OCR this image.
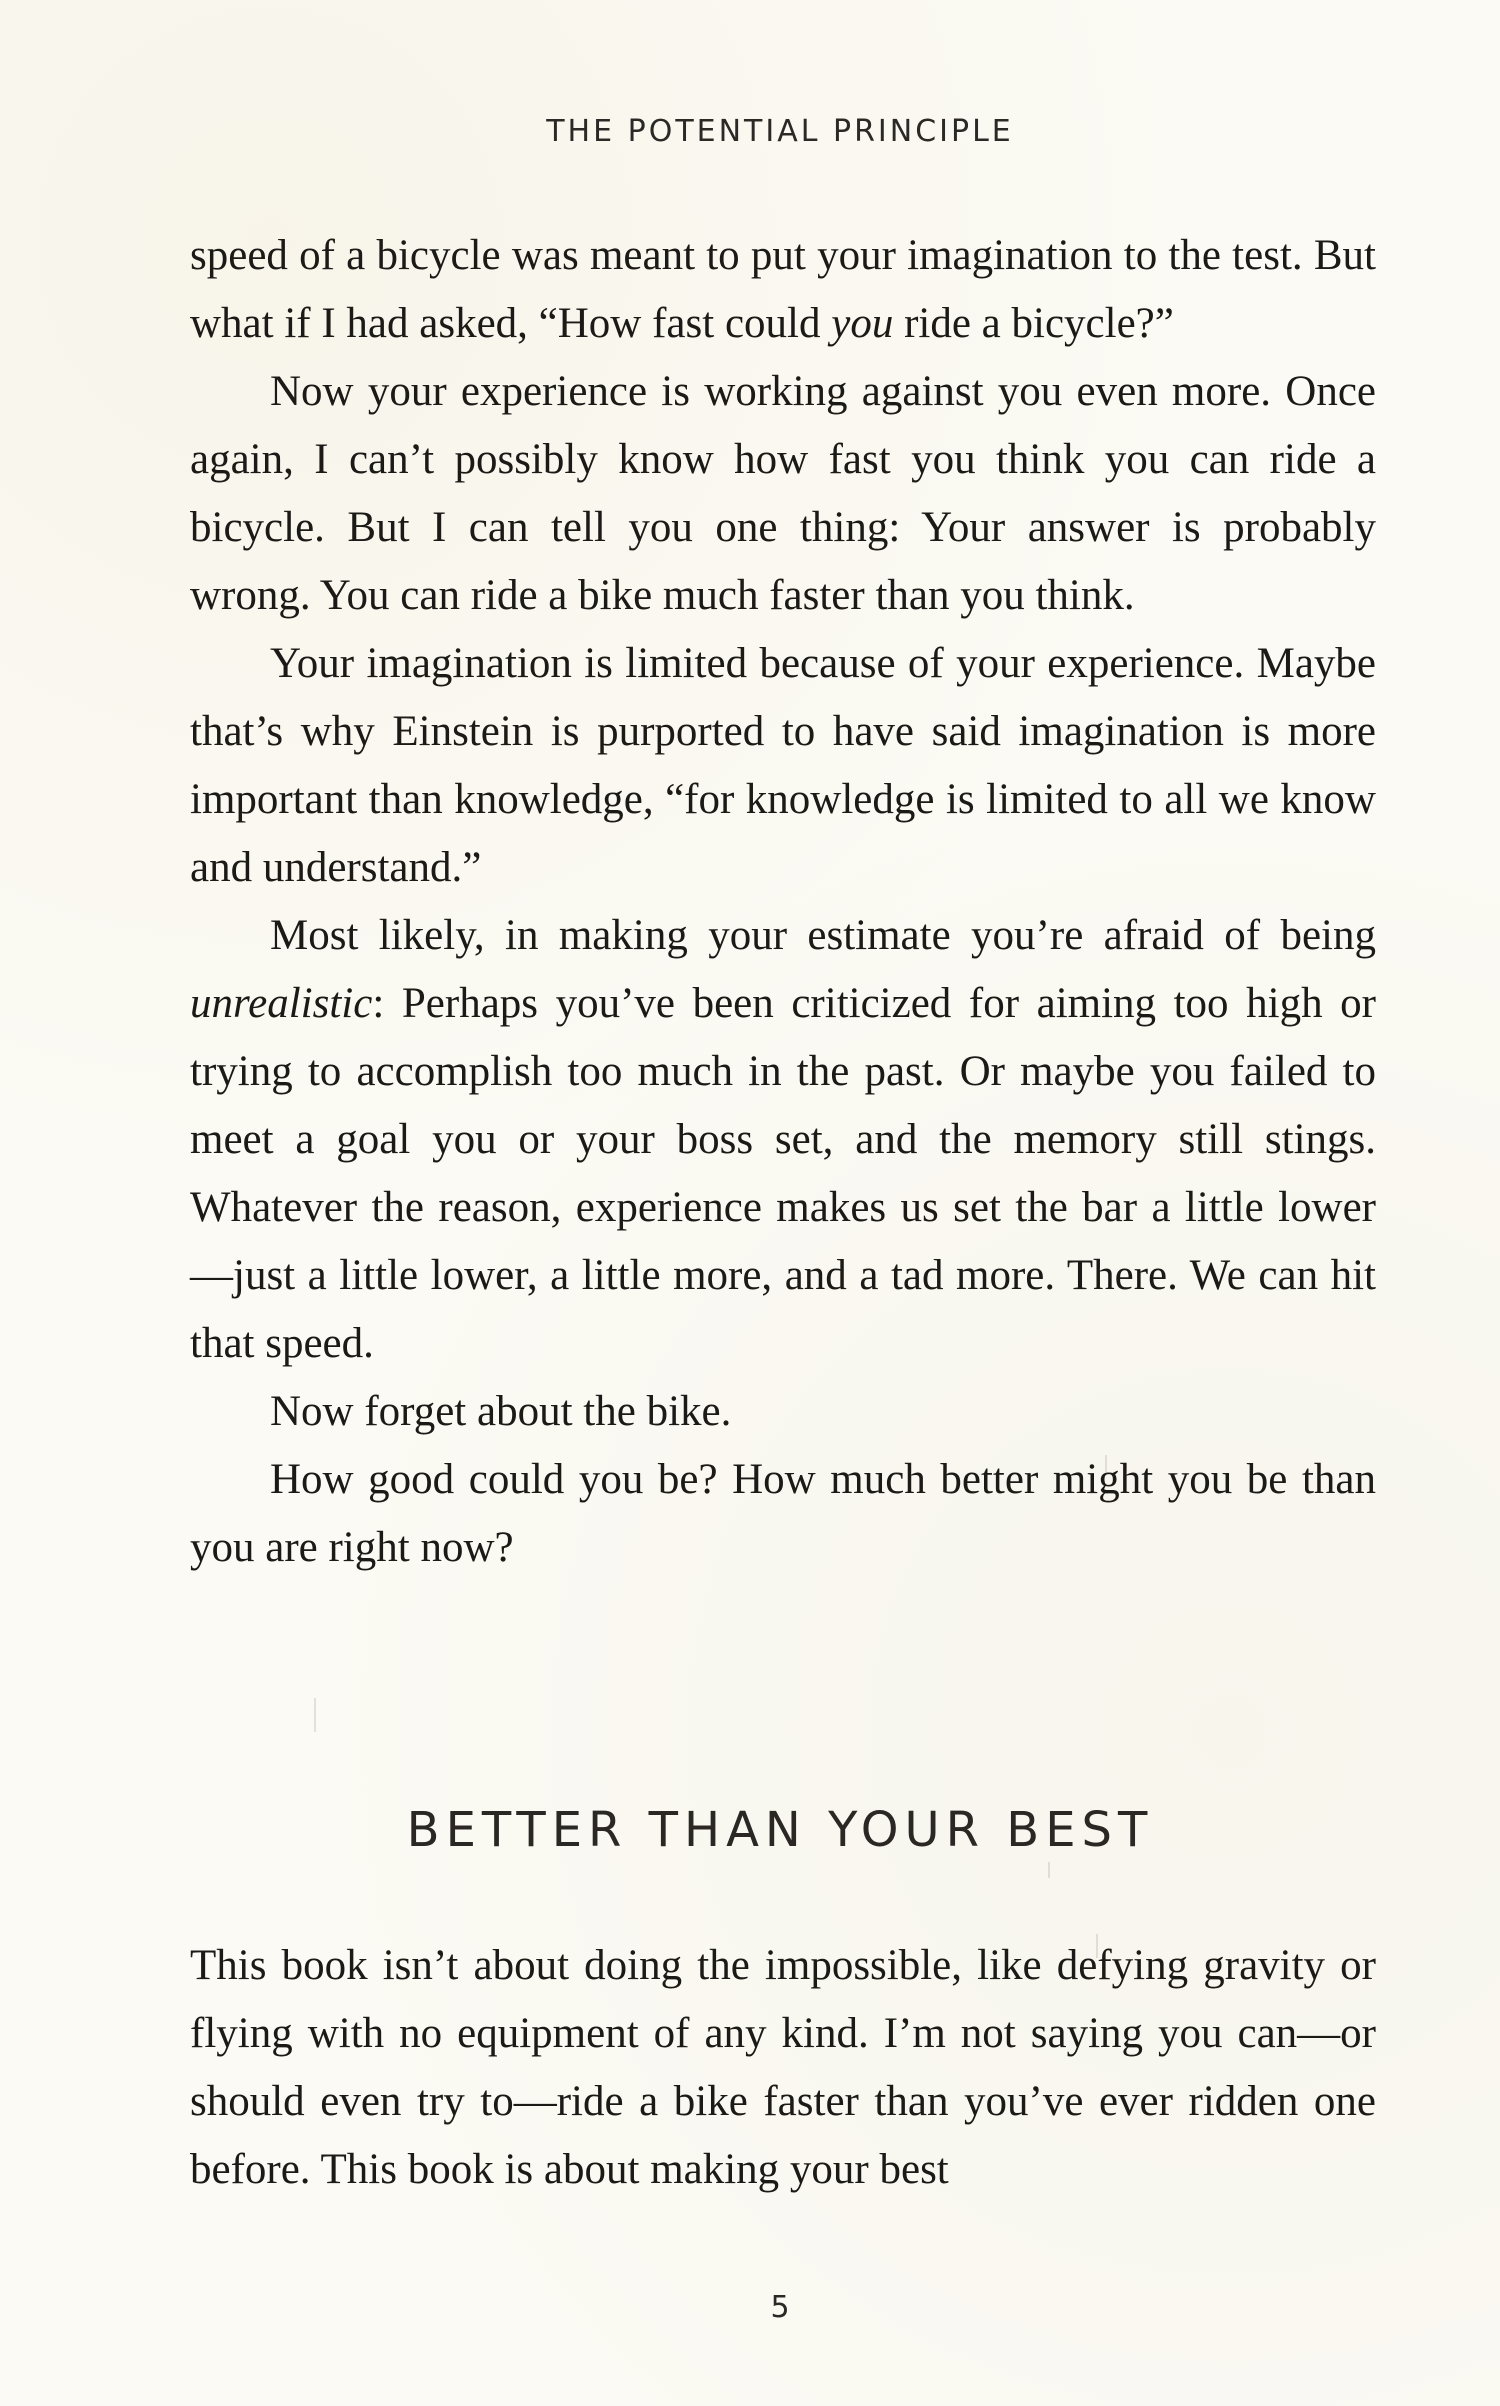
THE POTENTIAL PRINCIPLE

speed of a bicycle was meant to put your imagination to the test. But what if I had asked, “How fast could you ride a bicycle?”

Now your experience is working against you even more. Once again, I can’t possibly know how fast you think you can ride a bicycle. But I can tell you one thing: Your answer is probably wrong. You can ride a bike much faster than you think.

Your imagination is limited because of your experience. Maybe that’s why Einstein is purported to have said imagination is more important than knowledge, “for knowledge is limited to all we know and understand.”

Most likely, in making your estimate you’re afraid of being unrealistic: Perhaps you’ve been criticized for aiming too high or trying to accomplish too much in the past. Or maybe you failed to meet a goal you or your boss set, and the memory still stings. Whatever the reason, experience makes us set the bar a little lower—just a little lower, a little more, and a tad more. There. We can hit that speed.

Now forget about the bike.

How good could you be? How much better might you be than you are right now?

BETTER THAN YOUR BEST

This book isn’t about doing the impossible, like defying gravity or flying with no equipment of any kind. I’m not saying you can—or should even try to—ride a bike faster than you’ve ever ridden one before. This book is about making your best

5
